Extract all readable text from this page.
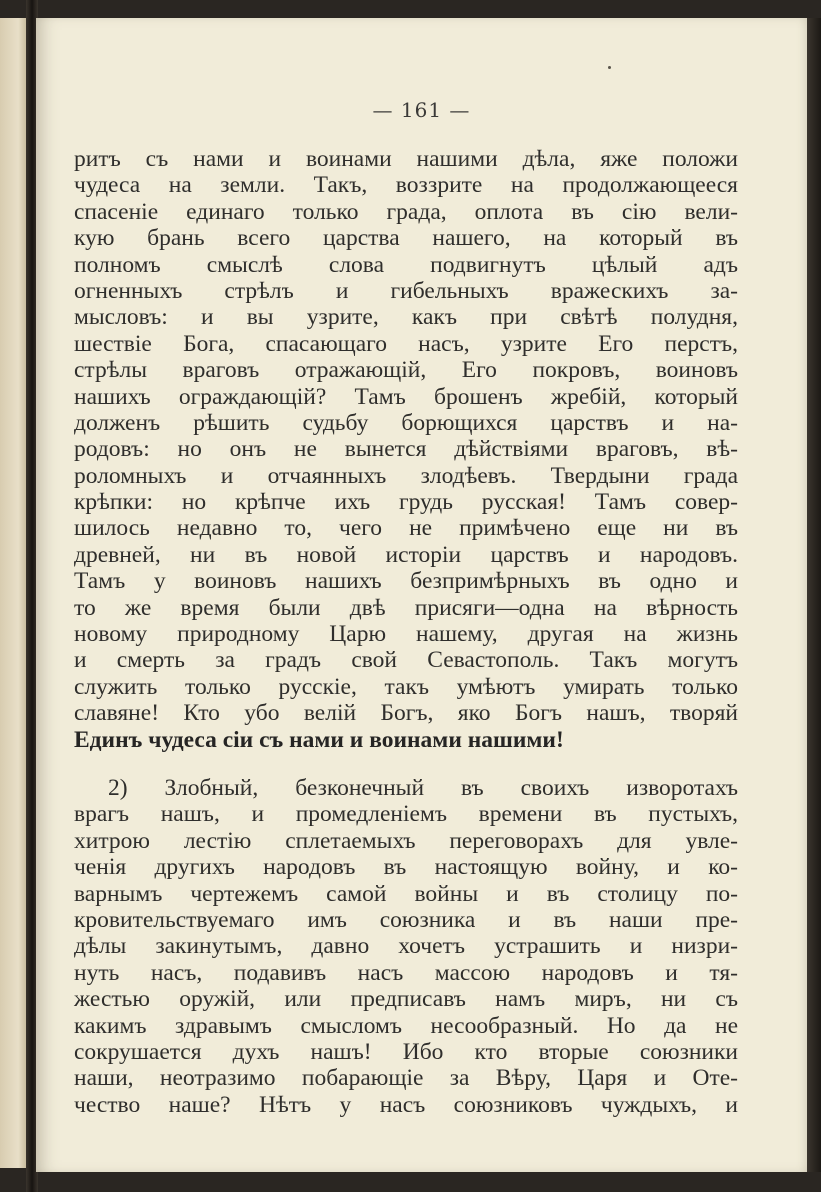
— 161 —
ритъ съ нами и воинами нашими дѣла, яже положи
чудеса на земли. Такъ, воззрите на продолжающееся
спасеніе единаго только града, оплота въ сію вели-
кую брань всего царства нашего, на который въ
полномъ смыслѣ слова подвигнутъ цѣлый адъ
огненныхъ стрѣлъ и гибельныхъ вражескихъ за-
мысловъ: и вы узрите, какъ при свѣтѣ полудня,
шествіе Бога, спасающаго насъ, узрите Его перстъ,
стрѣлы враговъ отражающій, Его покровъ, воиновъ
нашихъ ограждающій? Тамъ брошенъ жребій, который
долженъ рѣшить судьбу борющихся царствъ и на-
родовъ: но онъ не вынется дѣйствіями враговъ, вѣ-
роломныхъ и отчаянныхъ злодѣевъ. Твердыни града
крѣпки: но крѣпче ихъ грудь русская! Тамъ совер-
шилось недавно то, чего не примѣчено еще ни въ
древней, ни въ новой исторіи царствъ и народовъ.
Тамъ у воиновъ нашихъ безпримѣрныхъ въ одно и
то же время были двѣ присяги—одна на вѣрность
новому природному Царю нашему, другая на жизнь
и смерть за градъ свой Севастополь. Такъ могутъ
служить только русскіе, такъ умѣютъ умирать только
славяне! Кто убо велій Богъ, яко Богъ нашъ, творяй
Единъ чудеса сіи съ нами и воинами нашими!
2) Злобный, безконечный въ своихъ изворотахъ
врагъ нашъ, и промедленіемъ времени въ пустыхъ,
хитрою лестію сплетаемыхъ переговорахъ для увле-
ченія другихъ народовъ въ настоящую войну, и ко-
варнымъ чертежемъ самой войны и въ столицу по-
кровительствуемаго имъ союзника и въ наши пре-
дѣлы закинутымъ, давно хочетъ устрашить и низри-
нуть насъ, подавивъ насъ массою народовъ и тя-
жестью оружій, или предписавъ намъ миръ, ни съ
какимъ здравымъ смысломъ несообразный. Но да не
сокрушается духъ нашъ! Ибо кто вторые союзники
наши, неотразимо побарающіе за Вѣру, Царя и Оте-
чество наше? Нѣтъ у насъ союзниковъ чуждыхъ, и
